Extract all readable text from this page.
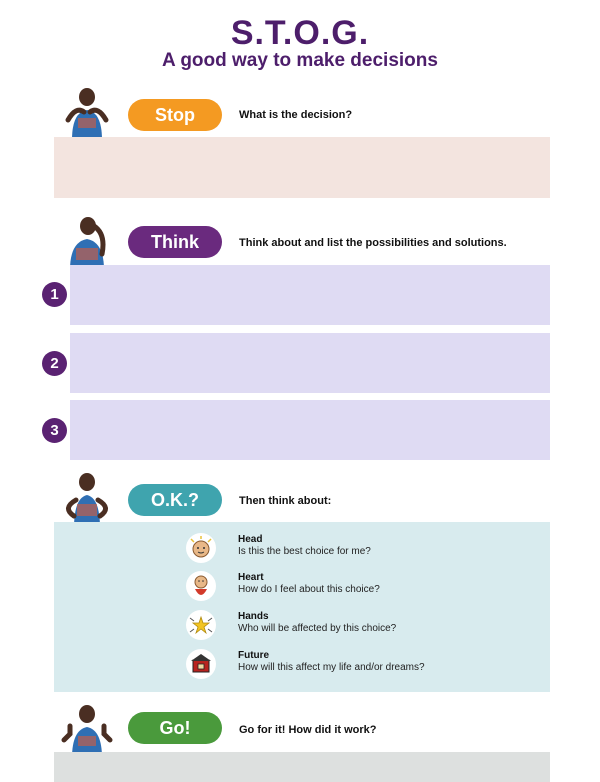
S.T.O.G.
A good way to make decisions
Stop	What is the decision?
Think	Think about and list the possibilities and solutions.
1
2
3
O.K.?	Then think about:
Head
Is this the best choice for me?
Heart
How do I feel about this choice?
Hands
Who will be affected by this choice?
Future
How will this affect my life and/or dreams?
Go!	Go for it! How did it work?
